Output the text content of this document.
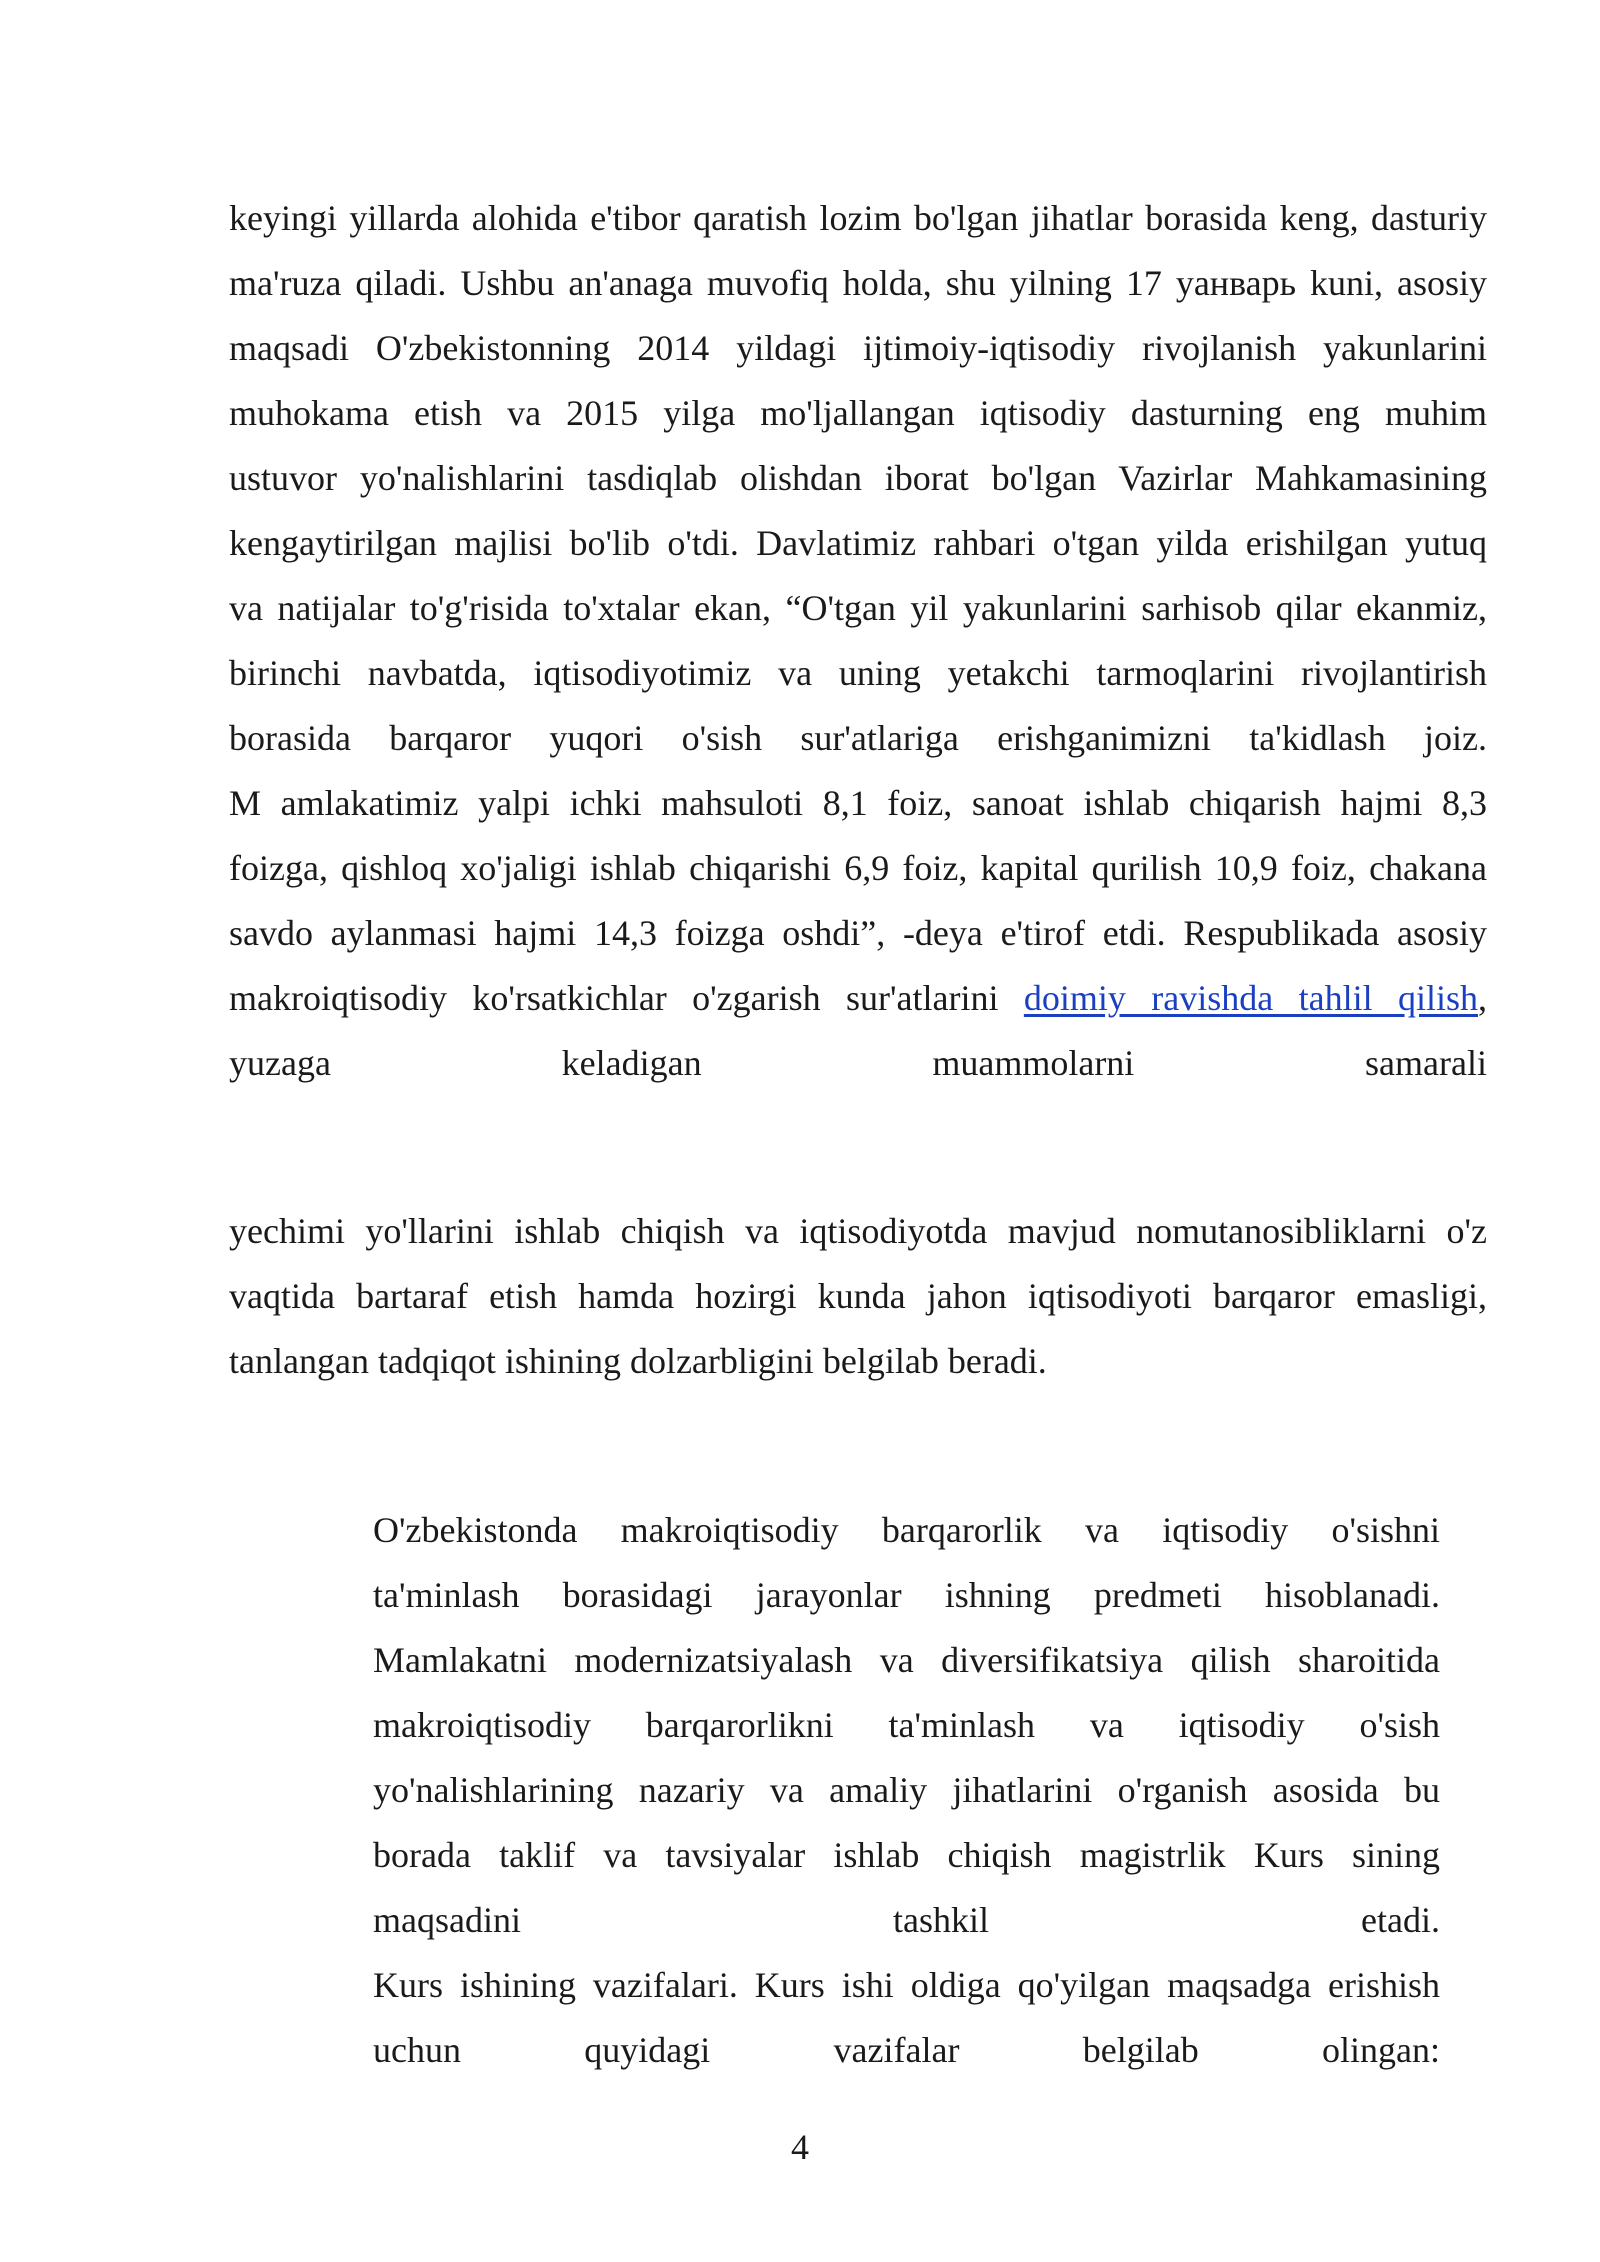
keyingi yillarda alohida e'tibor qaratish lozim bo'lgan jihatlar borasida keng, dasturiy
ma'ruza qiladi. Ushbu an'anaga muvofiq holda, shu yilning 17 yанварь kuni, asosiy
maqsadi O'zbekistonning 2014 yildagi ijtimoiy-iqtisodiy rivojlanish yakunlarini
muhokama etish va 2015 yilga mo'ljallangan iqtisodiy dasturning eng muhim
ustuvor yo'nalishlarini tasdiqlab olishdan iborat bo'lgan Vazirlar Mahkamasining
kengaytirilgan majlisi bo'lib o'tdi. Davlatimiz rahbari o'tgan yilda erishilgan yutuq
va natijalar to'g'risida to'xtalar ekan, “O'tgan yil yakunlarini sarhisob qilar ekanmiz,
birinchi navbatda, iqtisodiyotimiz va uning yetakchi tarmoqlarini rivojlantirish
borasida barqaror yuqori o'sish sur'atlariga erishganimizni ta'kidlash joiz.
M amlakatimiz yalpi ichki mahsuloti 8,1 foiz, sanoat ishlab chiqarish hajmi 8,3
foizga, qishloq xo'jaligi ishlab chiqarishi 6,9 foiz, kapital qurilish 10,9 foiz, chakana
savdo aylanmasi hajmi 14,3 foizga oshdi”, -deya e'tirof etdi. Respublikada asosiy
makroiqtisodiy ko'rsatkichlar o'zgarish sur'atlarini doimiy ravishda tahlil qilish,
yuzaga keladigan muammolarni samarali
yechimi yo'llarini ishlab chiqish va iqtisodiyotda mavjud nomutanosibliklarni o'z
vaqtida bartaraf etish hamda hozirgi kunda jahon iqtisodiyoti barqaror emasligi,
tanlangan tadqiqot ishining dolzarbligini belgilab beradi.
O'zbekistonda makroiqtisodiy barqarorlik va iqtisodiy o'sishni
ta'minlash borasidagi jarayonlar ishning predmeti hisoblanadi.
Mamlakatni modernizatsiyalash va diversifikatsiya qilish sharoitida
makroiqtisodiy barqarorlikni ta'minlash va iqtisodiy o'sish
yo'nalishlarining nazariy va amaliy jihatlarini o'rganish asosida bu
borada taklif va tavsiyalar ishlab chiqish magistrlik Kurs sining
maqsadini tashkil etadi.
Kurs ishining vazifalari. Kurs ishi oldiga qo'yilgan maqsadga erishish
uchun quyidagi vazifalar belgilab olingan:
4
